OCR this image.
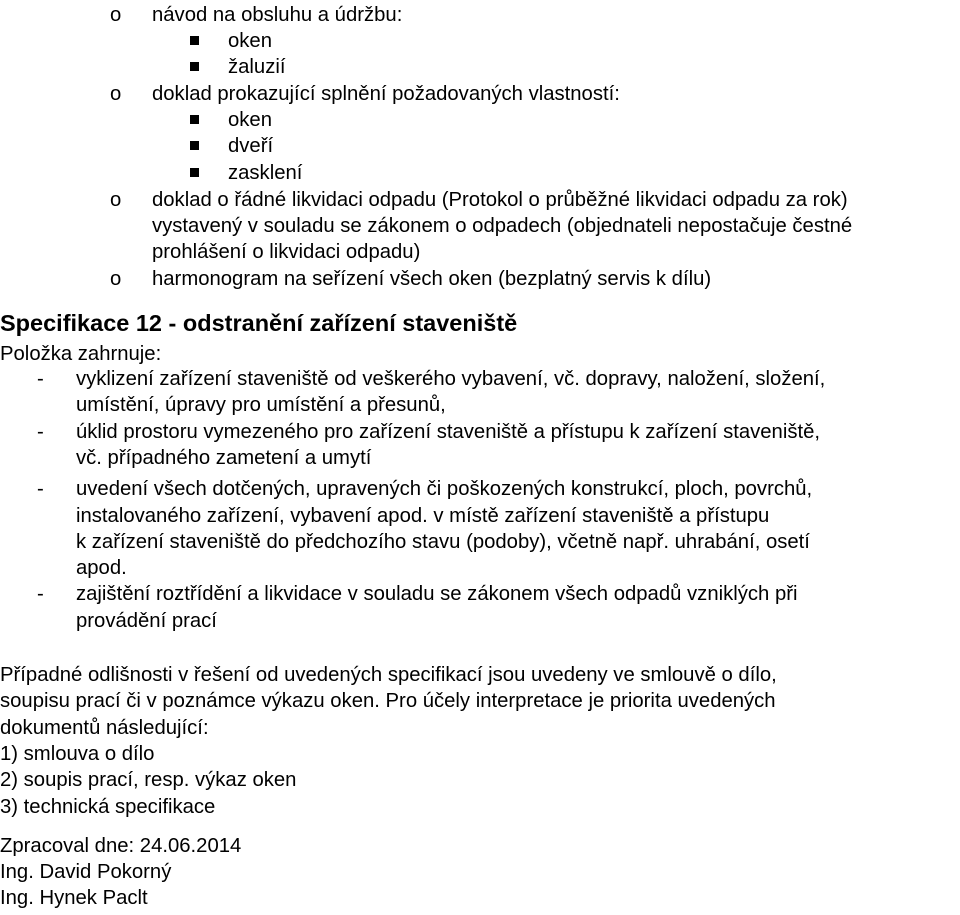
o návod na obsluhu a údržbu:
oken
žaluzií
o doklad prokazující splnění požadovaných vlastností:
oken
dveří
zasklení
o doklad o řádné likvidaci odpadu (Protokol o průběžné likvidaci odpadu za rok)
vystavený v souladu se zákonem o odpadech (objednateli nepostačuje čestné
prohlášení o likvidaci odpadu)
o harmonogram na seřízení všech oken (bezplatný servis k dílu)
Specifikace 12 - odstranění zařízení staveniště
Položka zahrnuje:
- vyklizení zařízení staveniště od veškerého vybavení, vč. dopravy, naložení, složení,
umístění, úpravy pro umístění a přesunů,
- úklid prostoru vymezeného pro zařízení staveniště a přístupu k zařízení staveniště,
vč. případného zametení a umytí
- uvedení všech dotčených, upravených či poškozených konstrukcí, ploch, povrchů,
instalovaného zařízení, vybavení apod. v místě zařízení staveniště a přístupu
k zařízení staveniště do předchozího stavu (podoby), včetně např. uhrabání, osetí
apod.
- zajištění roztřídění a likvidace v souladu se zákonem všech odpadů vzniklých při
provádění prací
Případné odlišnosti v řešení od uvedených specifikací jsou uvedeny ve smlouvě o dílo,
soupisu prací či v poznámce výkazu oken. Pro účely interpretace je priorita uvedených
dokumentů následující:
1) smlouva o dílo
2) soupis prací, resp. výkaz oken
3) technická specifikace
Zpracoval dne: 24.06.2014
Ing. David Pokorný
Ing. Hynek Paclt
